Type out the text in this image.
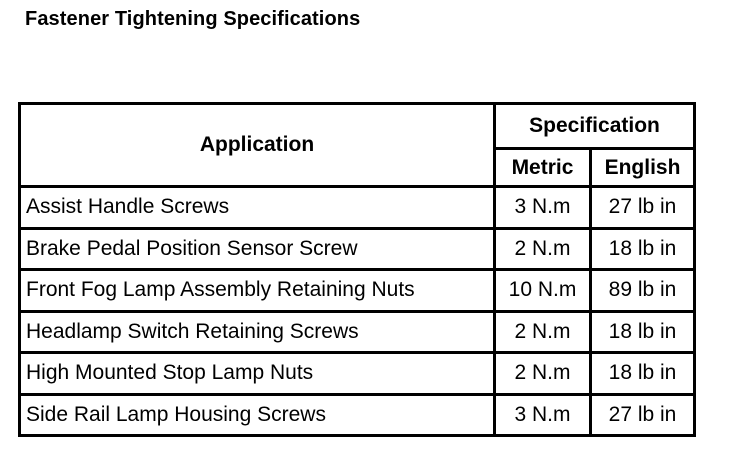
Fastener Tightening Specifications
Application	Specification	
	Metric	English
Assist Handle Screws	3 N.m	27 lb in
Brake Pedal Position Sensor Screw	2 N.m	18 lb in
Front Fog Lamp Assembly Retaining Nuts	10 N.m	89 lb in
Headlamp Switch Retaining Screws	2 N.m	18 lb in
High Mounted Stop Lamp Nuts	2 N.m	18 lb in
Side Rail Lamp Housing Screws	3 N.m	27 lb in
